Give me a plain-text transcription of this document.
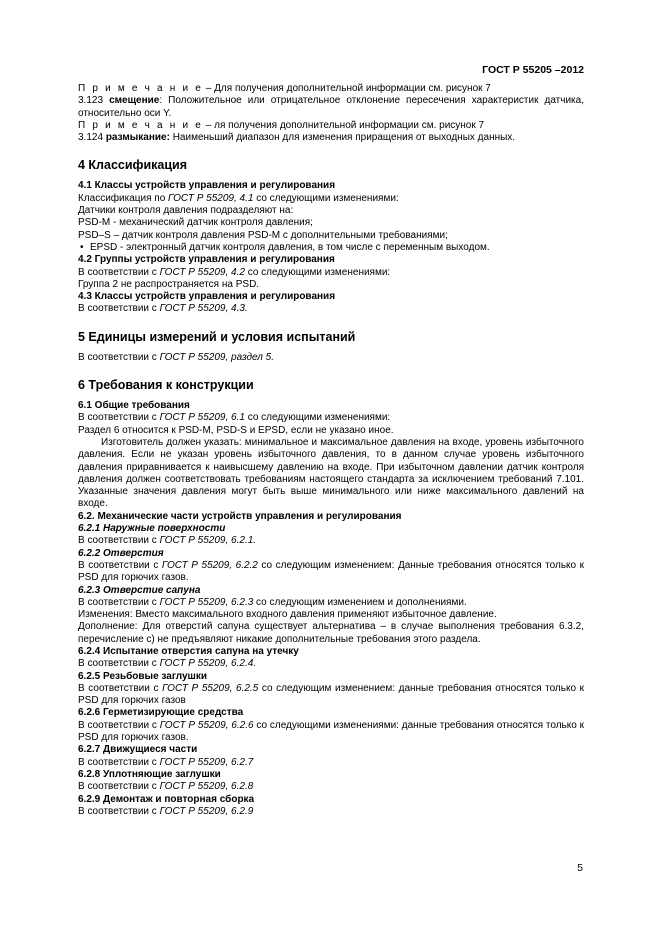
ГОСТ Р 55205 –2012

П р и м е ч а н и е – Для получения дополнительной информации см. рисунок 7

3.123 смещение: Положительное или отрицательное отклонение пересечения характеристик датчика, относительно оси Y.

П р и м е ч а н и е – ля получения дополнительной информации см. рисунок 7

3.124 размыкание: Наименьший диапазон для изменения приращения от выходных данных.

4 Классификация

4.1 Классы устройств управления и регулирования

Классификация по ГОСТ Р 55209, 4.1 со следующими изменениями:

Датчики контроля давления подразделяют на:

PSD-M - механический датчик контроля давления;

PSD–S – датчик контроля давления PSD-M с дополнительными требованиями;

• EPSD - электронный датчик контроля давления, в том числе с переменным выходом.

4.2 Группы устройств управления и регулирования

В соответствии с ГОСТ Р 55209, 4.2 со следующими изменениями:

Группа 2 не распространяется на PSD.

4.3 Классы устройств управления и регулирования

В соответствии с ГОСТ Р 55209, 4.3.

5 Единицы измерений и условия испытаний

В соответствии с ГОСТ Р 55209, раздел 5.

6 Требования к конструкции

6.1 Общие требования

В соответствии с ГОСТ Р 55209, 6.1 со следующими изменениями:

Раздел 6 относится к PSD-M, PSD-S и EPSD, если не указано иное.

Изготовитель должен указать: минимальное и максимальное давления на входе, уровень избыточного давления. Если не указан уровень избыточного давления, то в данном случае уровень избыточного давления приравнивается к наивысшему давлению на входе. При избыточном давлении датчик контроля давления должен соответствовать требованиям настоящего стандарта за исключением требований 7.101. Указанные значения давления могут быть выше минимального или ниже максимального давлений на входе.

6.2. Механические части устройств управления и регулирования

6.2.1 Наружные поверхности

В соответствии с ГОСТ Р 55209, 6.2.1.

6.2.2 Отверстия

В соответствии с ГОСТ Р 55209, 6.2.2 со следующим изменением: Данные требования относятся только к PSD для горючих газов.

6.2.3 Отверстие сапуна

В соответствии с ГОСТ Р 55209, 6.2.3 со следующим изменением и дополнениями.

Изменения: Вместо максимального входного давления применяют избыточное давление.

Дополнение: Для отверстий сапуна существует альтернатива – в случае выполнения требования 6.3.2, перечисление c) не предъявляют никакие дополнительные требования этого раздела.

6.2.4 Испытание отверстия сапуна на утечку

В соответствии с ГОСТ Р 55209, 6.2.4.

6.2.5 Резьбовые заглушки

В соответствии с ГОСТ Р 55209, 6.2.5 со следующим изменением: данные требования относятся только к PSD для горючих газов

6.2.6 Герметизирующие средства

В соответствии с ГОСТ Р 55209, 6.2.6 со следующими изменениями: данные требования относятся только к PSD для горючих газов.

6.2.7 Движущиеся части

В соответствии с ГОСТ Р 55209, 6.2.7

6.2.8 Уплотняющие заглушки

В соответствии с ГОСТ Р 55209, 6.2.8

6.2.9 Демонтаж и повторная сборка

В соответствии с ГОСТ Р 55209, 6.2.9

5
